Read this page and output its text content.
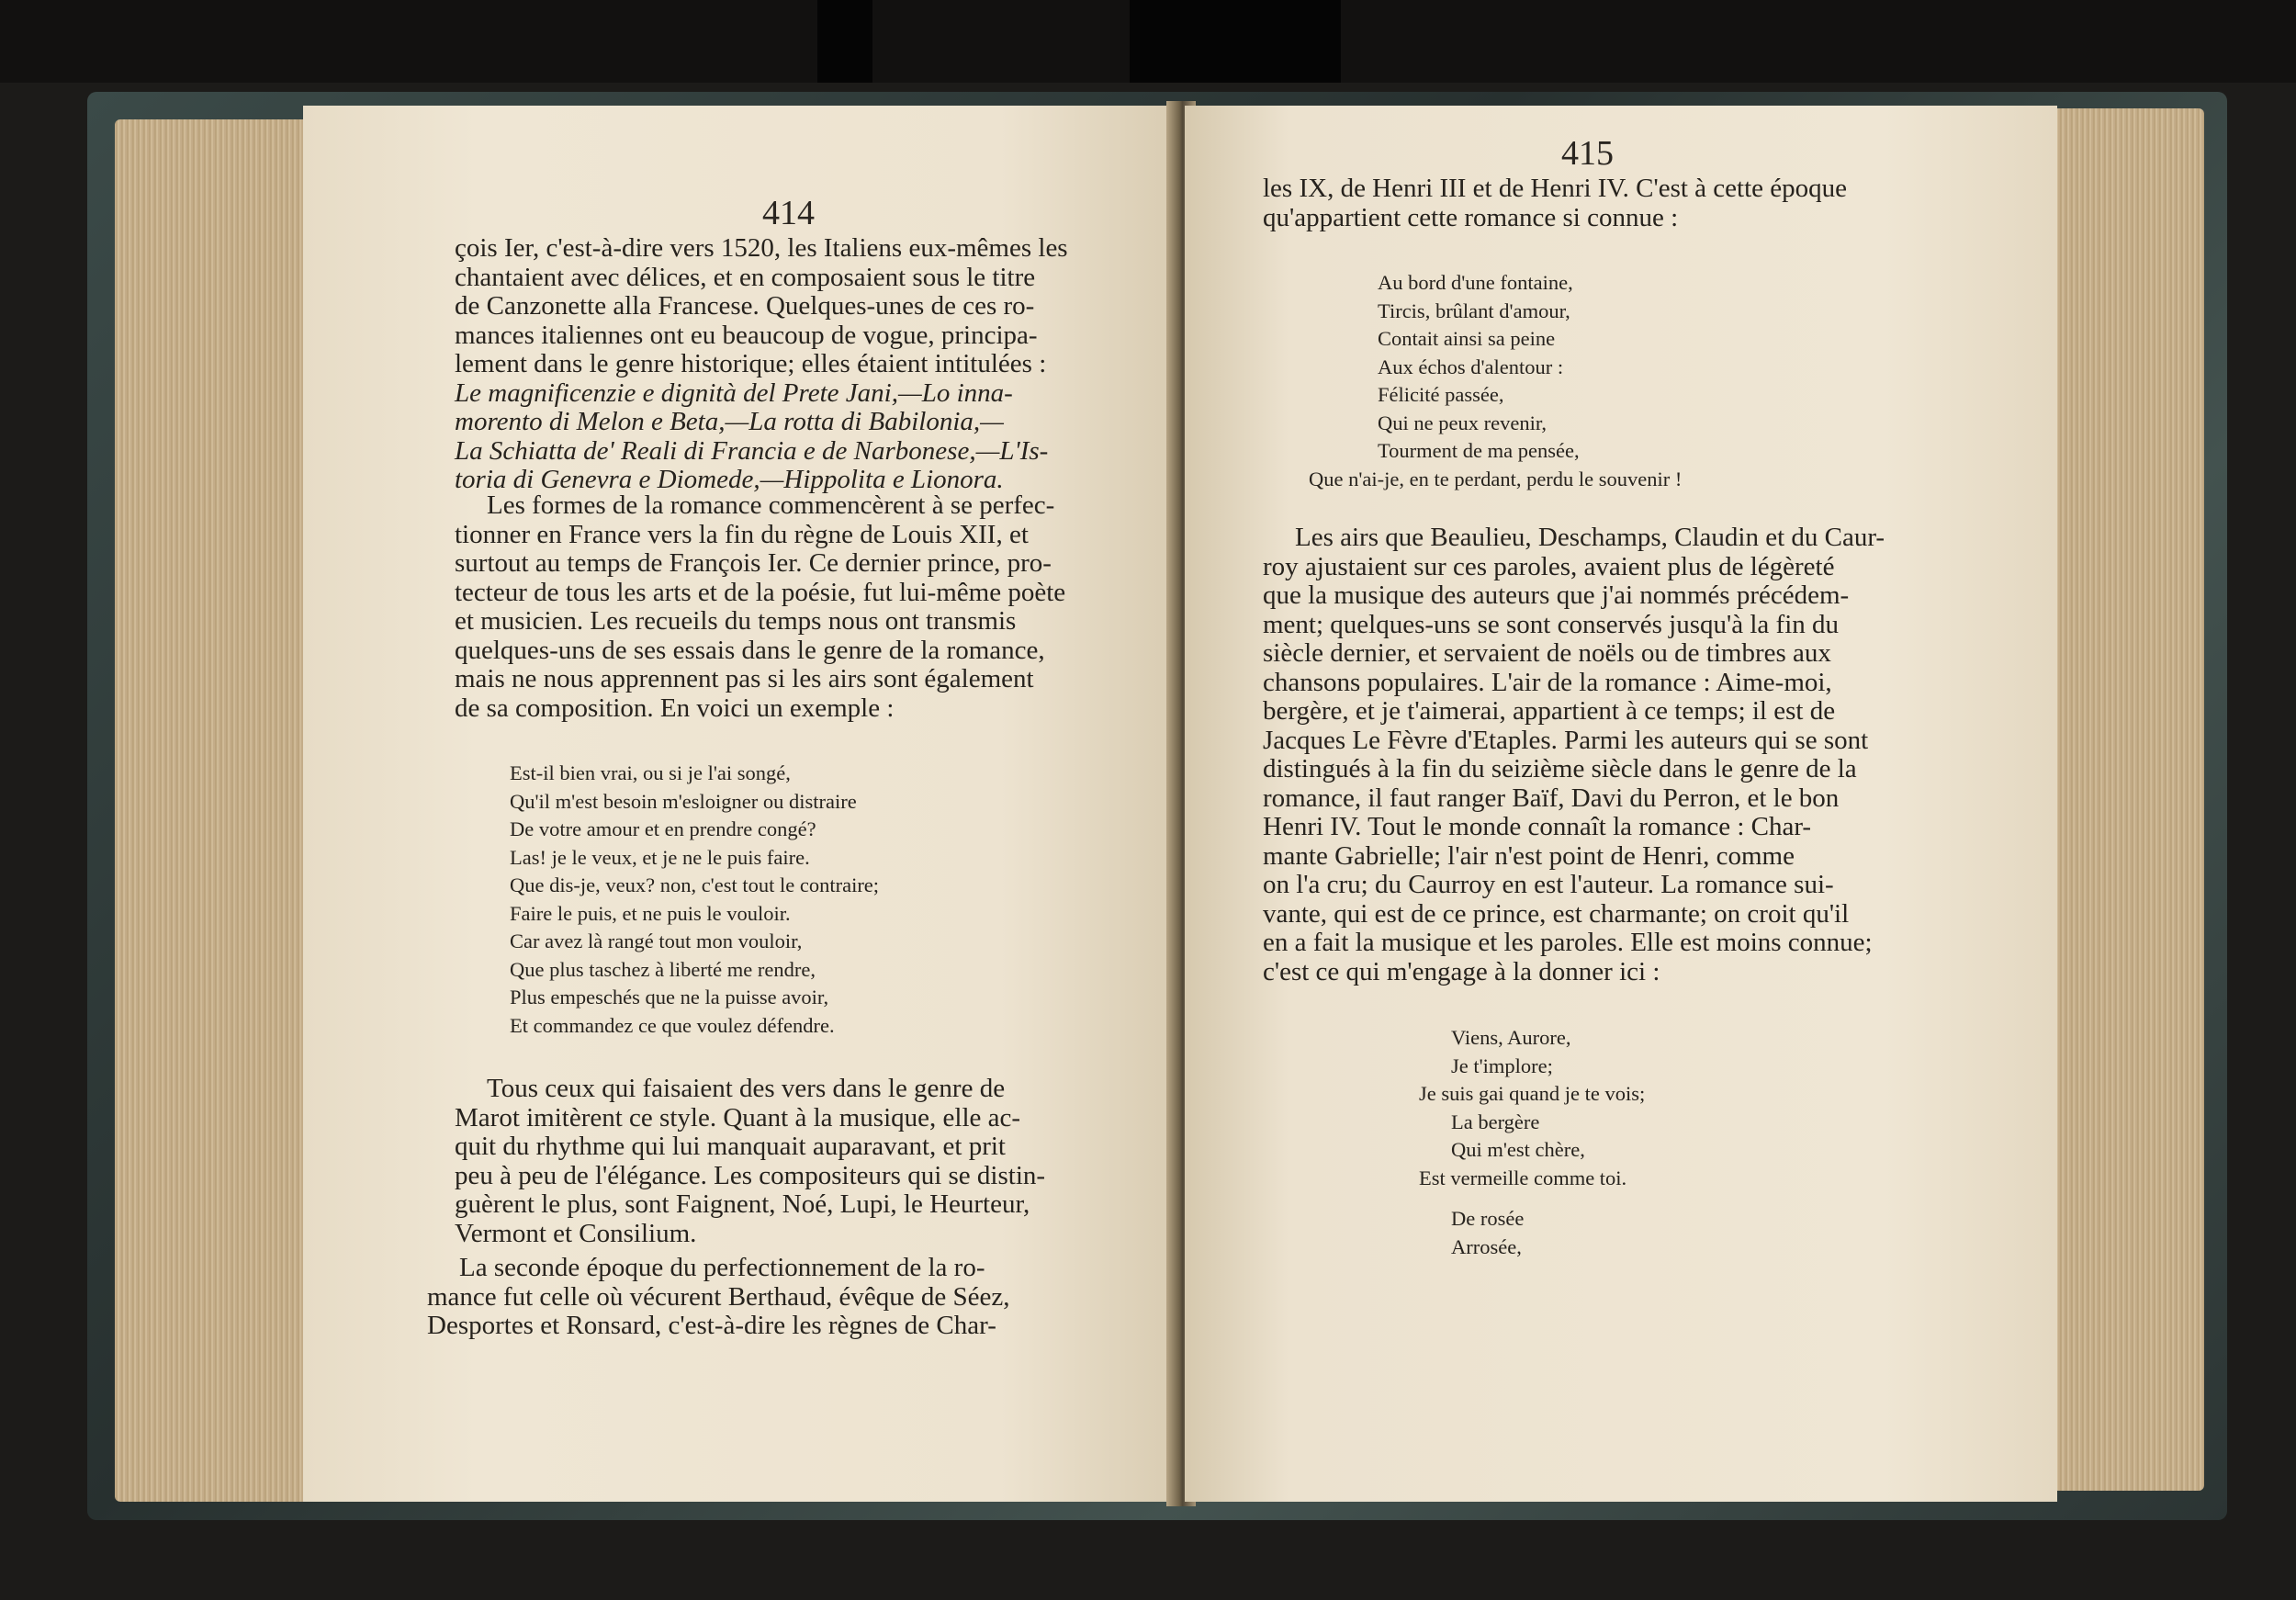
414

çois Ier, c'est-à-dire vers 1520, les Italiens eux-mêmes les

chantaient avec délices, et en composaient sous le titre

de Canzonette alla Francese. Quelques-unes de ces ro-

mances italiennes ont eu beaucoup de vogue, principa-

lement dans le genre historique; elles étaient intitulées :

Le magnificenzie e dignità del Prete Jani,—Lo inna-

morento di Melon e Beta,—La rotta di Babilonia,—

La Schiatta de' Reali di Francia e de Narbonese,—L'Is-

toria di Genevra e Diomede,—Hippolita e Lionora.

Les formes de la romance commencèrent à se perfec-

tionner en France vers la fin du règne de Louis XII, et

surtout au temps de François Ier. Ce dernier prince, pro-

tecteur de tous les arts et de la poésie, fut lui-même poète

et musicien. Les recueils du temps nous ont transmis

quelques-uns de ses essais dans le genre de la romance,

mais ne nous apprennent pas si les airs sont également

de sa composition. En voici un exemple :

Est-il bien vrai, ou si je l'ai songé,
Qu'il m'est besoin m'esloigner ou distraire
De votre amour et en prendre congé?
Las! je le veux, et je ne le puis faire.
Que dis-je, veux? non, c'est tout le contraire;
Faire le puis, et ne puis le vouloir.
Car avez là rangé tout mon vouloir,
Que plus taschez à liberté me rendre,
Plus empeschés que ne la puisse avoir,
Et commandez ce que voulez défendre.

Tous ceux qui faisaient des vers dans le genre de

Marot imitèrent ce style. Quant à la musique, elle ac-

quit du rhythme qui lui manquait auparavant, et prit

peu à peu de l'élégance. Les compositeurs qui se distin-

guèrent le plus, sont Faignent, Noé, Lupi, le Heurteur,

Vermont et Consilium.

La seconde époque du perfectionnement de la ro-

mance fut celle où vécurent Berthaud, évêque de Séez,

Desportes et Ronsard, c'est-à-dire les règnes de Char-

415

les IX, de Henri III et de Henri IV. C'est à cette époque

qu'appartient cette romance si connue :

Au bord d'une fontaine,
Tircis, brûlant d'amour,
Contait ainsi sa peine
Aux échos d'alentour :
Félicité passée,
Qui ne peux revenir,
Tourment de ma pensée,
Que n'ai-je, en te perdant, perdu le souvenir !

Les airs que Beaulieu, Deschamps, Claudin et du Caur-

roy ajustaient sur ces paroles, avaient plus de légèreté

que la musique des auteurs que j'ai nommés précédem-

ment; quelques-uns se sont conservés jusqu'à la fin du

siècle dernier, et servaient de noëls ou de timbres aux

chansons populaires. L'air de la romance : Aime-moi,

bergère, et je t'aimerai, appartient à ce temps; il est de

Jacques Le Fèvre d'Etaples. Parmi les auteurs qui se sont

distingués à la fin du seizième siècle dans le genre de la

romance, il faut ranger Baïf, Davi du Perron, et le bon

Henri IV. Tout le monde connaît la romance : Char-

mante Gabrielle; l'air n'est point de Henri, comme

on l'a cru; du Caurroy en est l'auteur. La romance sui-

vante, qui est de ce prince, est charmante; on croit qu'il

en a fait la musique et les paroles. Elle est moins connue;

c'est ce qui m'engage à la donner ici :

Viens, Aurore,
Je t'implore;
Je suis gai quand je te vois;
La bergère
Qui m'est chère,
Est vermeille comme toi.
De rosée
Arrosée,
